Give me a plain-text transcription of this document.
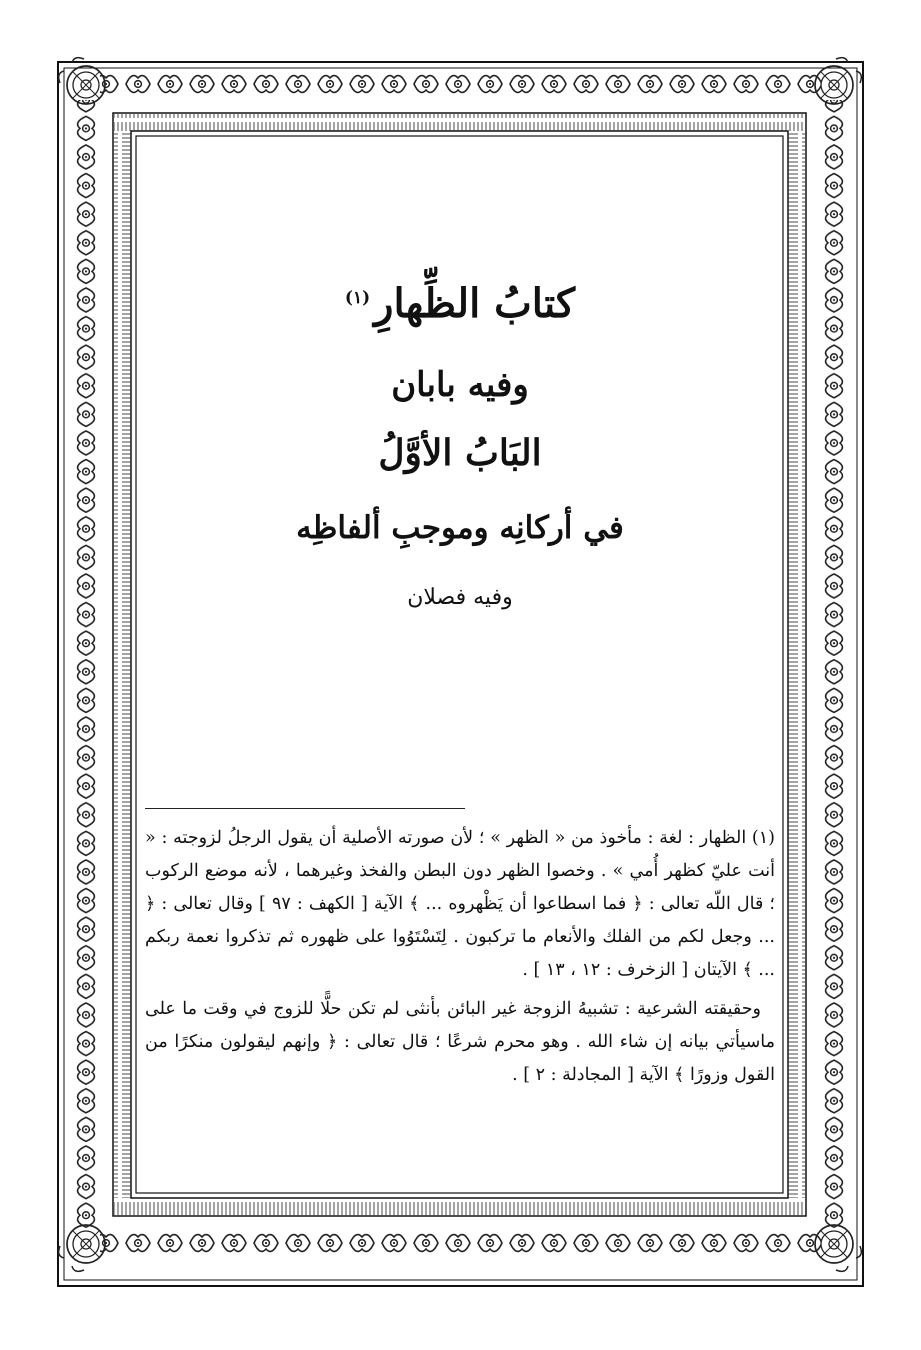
كتابُ الظِّهارِ$^{(١)}$
وفيه بابان
البَابُ الأوَّلُ
في أركانِه وموجبِ ألفاظِه
وفيه فصلان

(١) الظهار : لغة : مأخوذ من « الظهر » ؛ لأن صورته الأصلية أن يقول الرجلُ لزوجته : « أنت عليّ كظهر أُمي » . وخصوا الظهر دون البطن والفخذ وغيرهما ، لأنه موضع الركوب ؛ قال اللّه تعالى : ﴿ فما اسطاعوا أن يَظْهروه ... ﴾ الآية [ الكهف : ٩٧ ] وقال تعالى : ﴿ ... وجعل لكم من الفلك والأنعام ما تركبون . لِتَسْتَوُوا على ظهوره ثم تذكروا نعمة ربكم ... ﴾ الآيتان [ الزخرف : ١٢ ، ١٣ ] .

وحقيقته الشرعية : تشبيهُ الزوجة غير البائن بأنثى لم تكن حلًّا للزوج في وقت ما على ماسيأتي بيانه إن شاء الله . وهو محرم شرعًا ؛ قال تعالى : ﴿ وإنهم ليقولون منكرًا من القول وزورًا ﴾ الآية [ المجادلة : ٢ ] .
